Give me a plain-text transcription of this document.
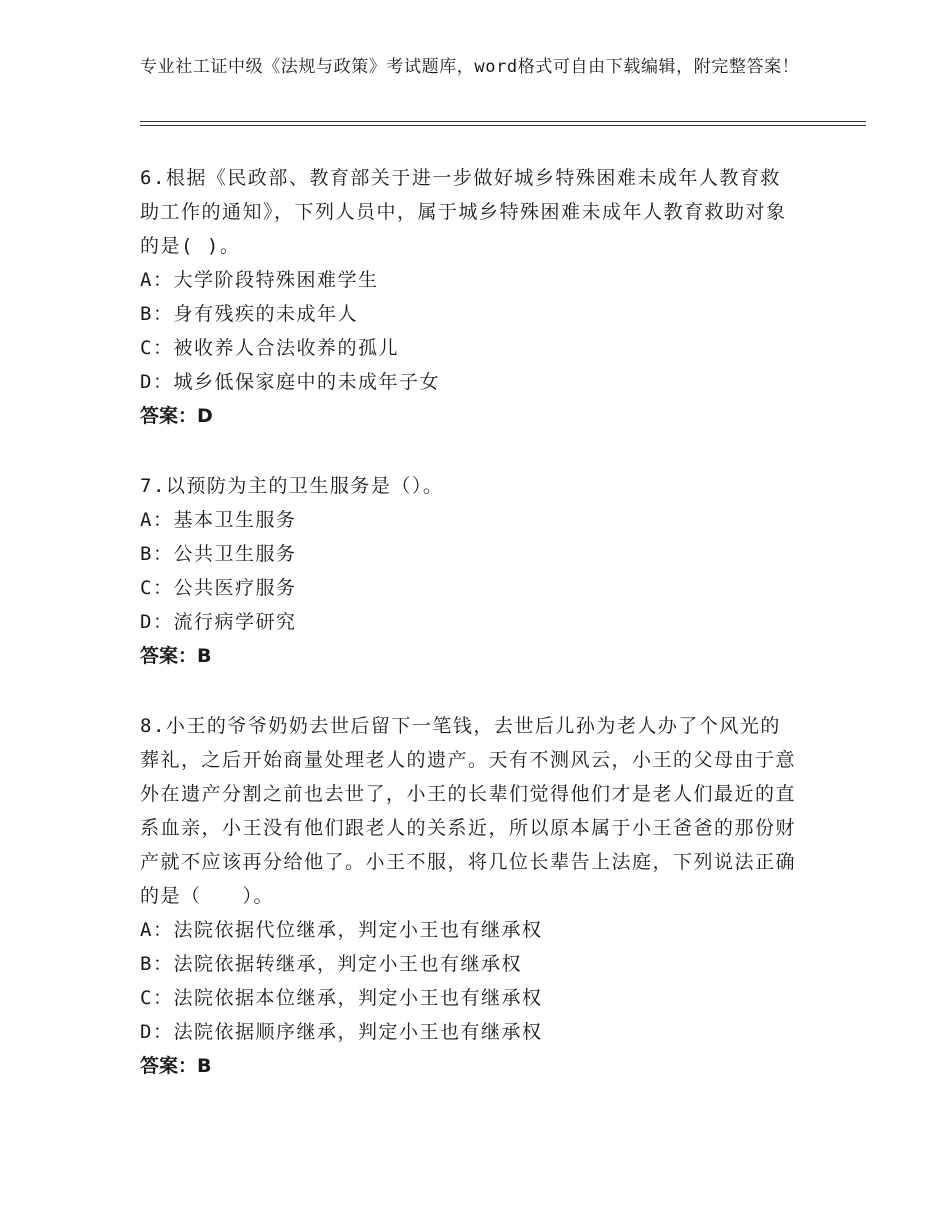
专业社工证中级《法规与政策》考试题库，word格式可自由下载编辑，附完整答案！

6.根据《民政部、教育部关于进一步做好城乡特殊困难未成年人教育救助工作的通知》，下列人员中，属于城乡特殊困难未成年人教育救助对象的是( )。

A：大学阶段特殊困难学生

B：身有残疾的未成年人

C：被收养人合法收养的孤儿

D：城乡低保家庭中的未成年子女

答案：D

7.以预防为主的卫生服务是（）。

A：基本卫生服务

B：公共卫生服务

C：公共医疗服务

D：流行病学研究

答案：B

8.小王的爷爷奶奶去世后留下一笔钱，去世后儿孙为老人办了个风光的葬礼，之后开始商量处理老人的遗产。天有不测风云，小王的父母由于意外在遗产分割之前也去世了，小王的长辈们觉得他们才是老人们最近的直系血亲，小王没有他们跟老人的关系近，所以原本属于小王爸爸的那份财产就不应该再分给他了。小王不服，将几位长辈告上法庭，下列说法正确的是（　　）。

A：法院依据代位继承，判定小王也有继承权

B：法院依据转继承，判定小王也有继承权

C：法院依据本位继承，判定小王也有继承权

D：法院依据顺序继承，判定小王也有继承权

答案：B
